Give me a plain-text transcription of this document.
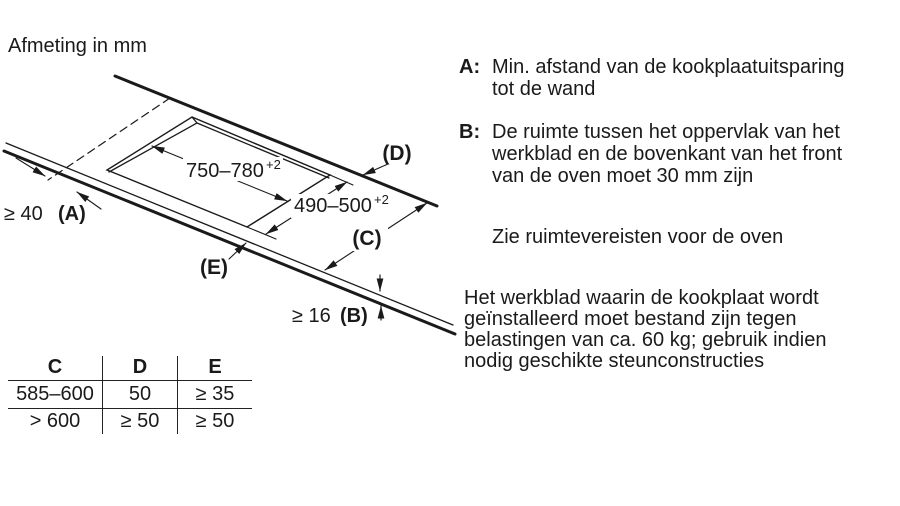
Afmeting in mm
750–780 +2
490–500 +2
(D)
(C)
(E)
≥ 40 (A)
≥ 16 (B)
C	D	E
585–600	50	≥ 35
> 600	≥ 50	≥ 50
A: Min. afstand van de kookplaatuitsparing tot de wand
B: De ruimte tussen het oppervlak van het werkblad en de bovenkant van het front van de oven moet 30 mm zijn
Zie ruimtevereisten voor de oven
Het werkblad waarin de kookplaat wordt geïnstalleerd moet bestand zijn tegen belastingen van ca. 60 kg; gebruik indien nodig geschikte steunconstructies
